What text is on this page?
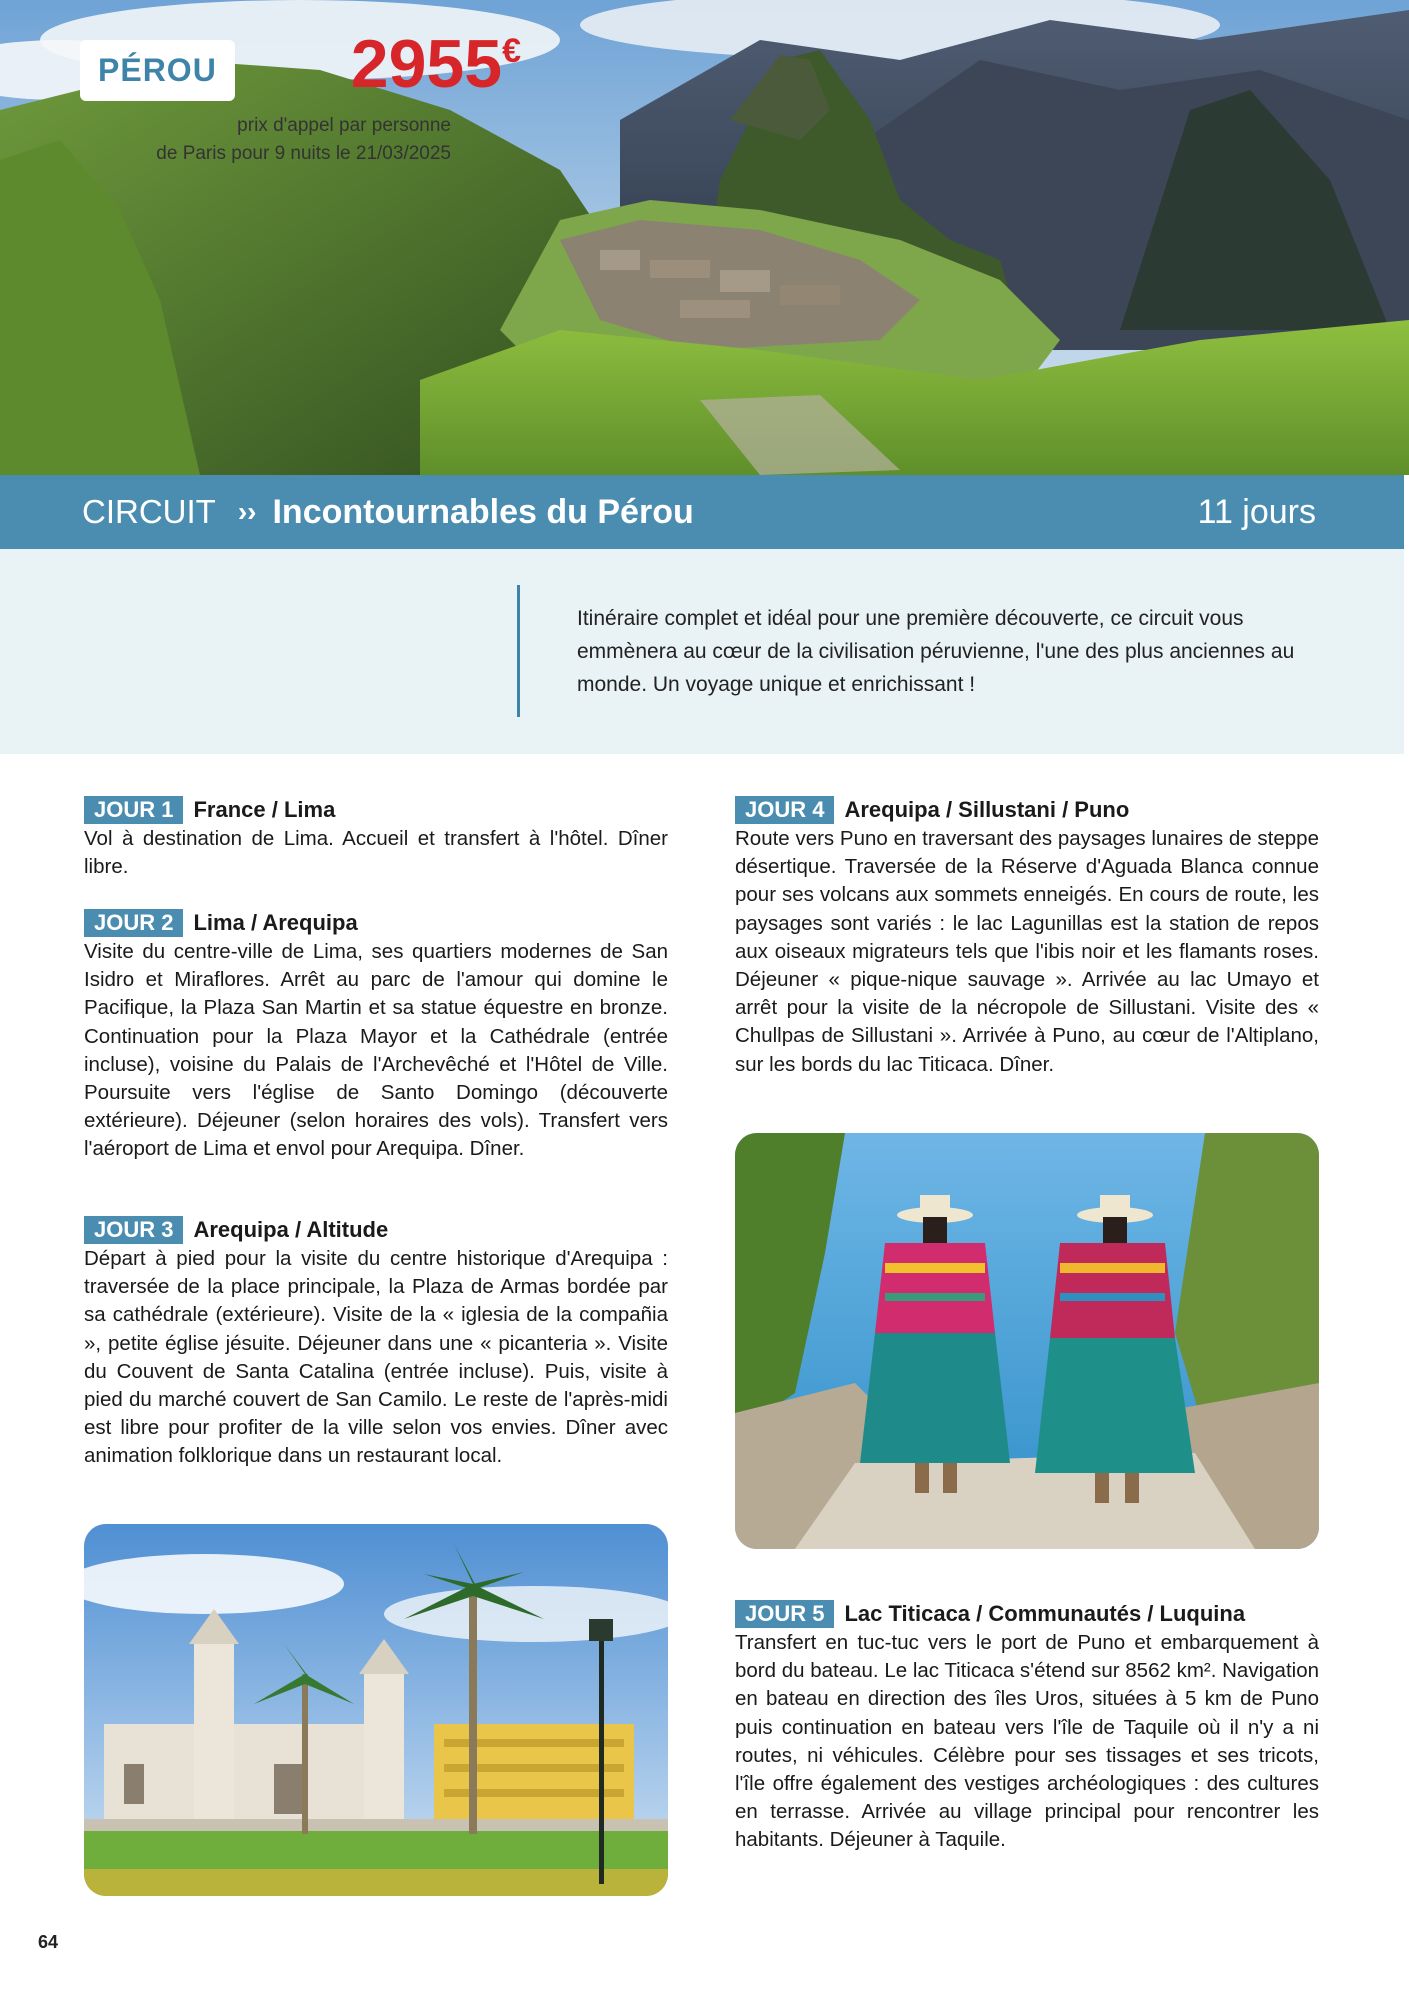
PÉROU
CIRCUIT ›› Incontournables du Pérou	11 jours
2955€
prix d'appel par personne
de Paris pour 9 nuits le 21/03/2025
Itinéraire complet et idéal pour une première découverte, ce circuit vous emmènera au cœur de la civilisation péruvienne, l'une des plus anciennes au monde. Un voyage unique et enrichissant !
JOUR 1 France / Lima
Vol à destination de Lima. Accueil et transfert à l'hôtel. Dîner libre.
JOUR 2 Lima / Arequipa
Visite du centre-ville de Lima, ses quartiers modernes de San Isidro et Miraflores. Arrêt au parc de l'amour qui domine le Pacifique, la Plaza San Martin et sa statue équestre en bronze. Continuation pour la Plaza Mayor et la Cathédrale (entrée incluse), voisine du Palais de l'Archevêché et l'Hôtel de Ville. Poursuite vers l'église de Santo Domingo (découverte extérieure). Déjeuner (selon horaires des vols). Transfert vers l'aéroport de Lima et envol pour Arequipa. Dîner.
JOUR 3 Arequipa / Altitude
Départ à pied pour la visite du centre historique d'Arequipa : traversée de la place principale, la Plaza de Armas bordée par sa cathédrale (extérieure). Visite de la « iglesia de la compañia », petite église jésuite. Déjeuner dans une « picanteria ». Visite du Couvent de Santa Catalina (entrée incluse). Puis, visite à pied du marché couvert de San Camilo. Le reste de l'après-midi est libre pour profiter de la ville selon vos envies. Dîner avec animation folklorique dans un restaurant local.
JOUR 4 Arequipa / Sillustani / Puno
Route vers Puno en traversant des paysages lunaires de steppe désertique. Traversée de la Réserve d'Aguada Blanca connue pour ses volcans aux sommets enneigés. En cours de route, les paysages sont variés : le lac Lagunillas est la station de repos aux oiseaux migrateurs tels que l'ibis noir et les flamants roses. Déjeuner « pique-nique sauvage ». Arrivée au lac Umayo et arrêt pour la visite de la nécropole de Sillustani. Visite des « Chullpas de Sillustani ». Arrivée à Puno, au cœur de l'Altiplano, sur les bords du lac Titicaca. Dîner.
JOUR 5 Lac Titicaca / Communautés / Luquina
Transfert en tuc-tuc vers le port de Puno et embarquement à bord du bateau. Le lac Titicaca s'étend sur 8562 km². Navigation en bateau en direction des îles Uros, situées à 5 km de Puno puis continuation en bateau vers l'île de Taquile où il n'y a ni routes, ni véhicules. Célèbre pour ses tissages et ses tricots, l'île offre également des vestiges archéologiques : des cultures en terrasse. Arrivée au village principal pour rencontrer les habitants. Déjeuner à Taquile.
64
